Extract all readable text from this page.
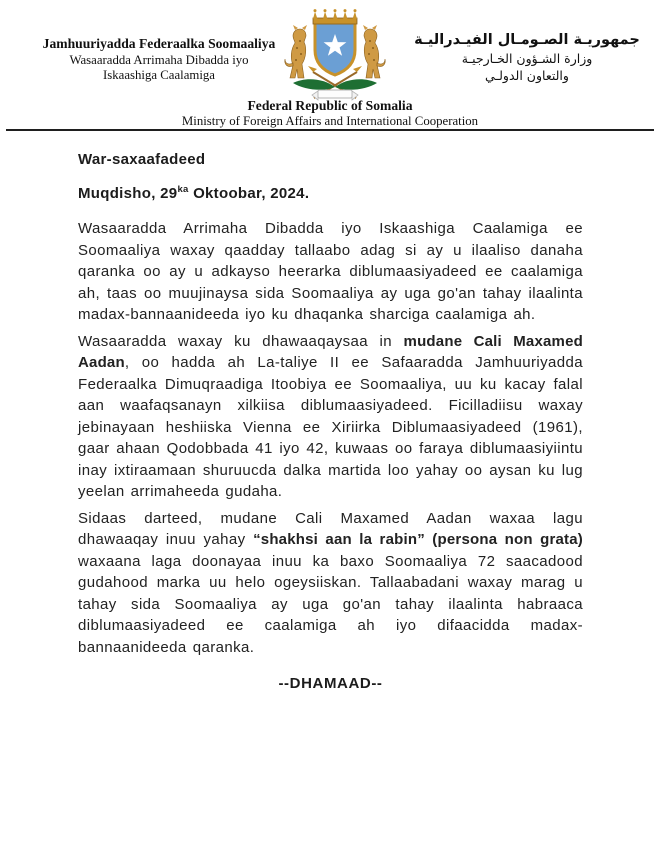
Jamhuuriyadda Federaalka Soomaaliya
Wasaaradda Arrimaha Dibadda iyo
Iskaashiga Caalamiga
جمهوريـة الصـومـال الفيـدراليـة
وزارة الشـؤون الخـارجيـة
والتعاون الدولـي
Federal Republic of Somalia
Ministry of Foreign Affairs and International Cooperation
War-saxaafadeed

Muqdisho, $29^{ka}$ Oktoobar, 2024.

Wasaaradda Arrimaha Dibadda iyo Iskaashiga Caalamiga ee Soomaaliya waxay qaadday tallaabo adag si ay u ilaaliso danaha qaranka oo ay u adkayso heerarka diblumaasiyadeed ee caalamiga ah, taas oo muujinaysa sida Soomaaliya ay uga go'an tahay ilaalinta madax-bannaanideeda iyo ku dhaqanka sharciga caalamiga ah.

Wasaaradda waxay ku dhawaaqaysaa in mudane Cali Maxamed Aadan, oo hadda ah La-taliye II ee Safaaradda Jamhuuriyadda Federaalka Dimuqraadiga Itoobiya ee Soomaaliya, uu ku kacay falal aan waafaqsanayn xilkiisa diblumaasiyadeed. Ficilladiisu waxay jebinayaan heshiiska Vienna ee Xiriirka Diblumaasiyadeed (1961), gaar ahaan Qodobbada 41 iyo 42, kuwaas oo faraya diblumaasiyiintu inay ixtiraamaan shuruucda dalka martida loo yahay oo aysan ku lug yeelan arrimaheeda gudaha.

Sidaas darteed, mudane Cali Maxamed Aadan waxaa lagu dhawaaqay inuu yahay “shakhsi aan la rabin” (persona non grata) waxaana laga doonayaa inuu ka baxo Soomaaliya 72 saacadood gudahood marka uu helo ogeysiiskan. Tallaabadani waxay marag u tahay sida Soomaaliya ay uga go'an tahay ilaalinta habraaca diblumaasiyadeed ee caalamiga ah iyo difaacidda madax-bannaanideeda qaranka.

--DHAMAAD--
